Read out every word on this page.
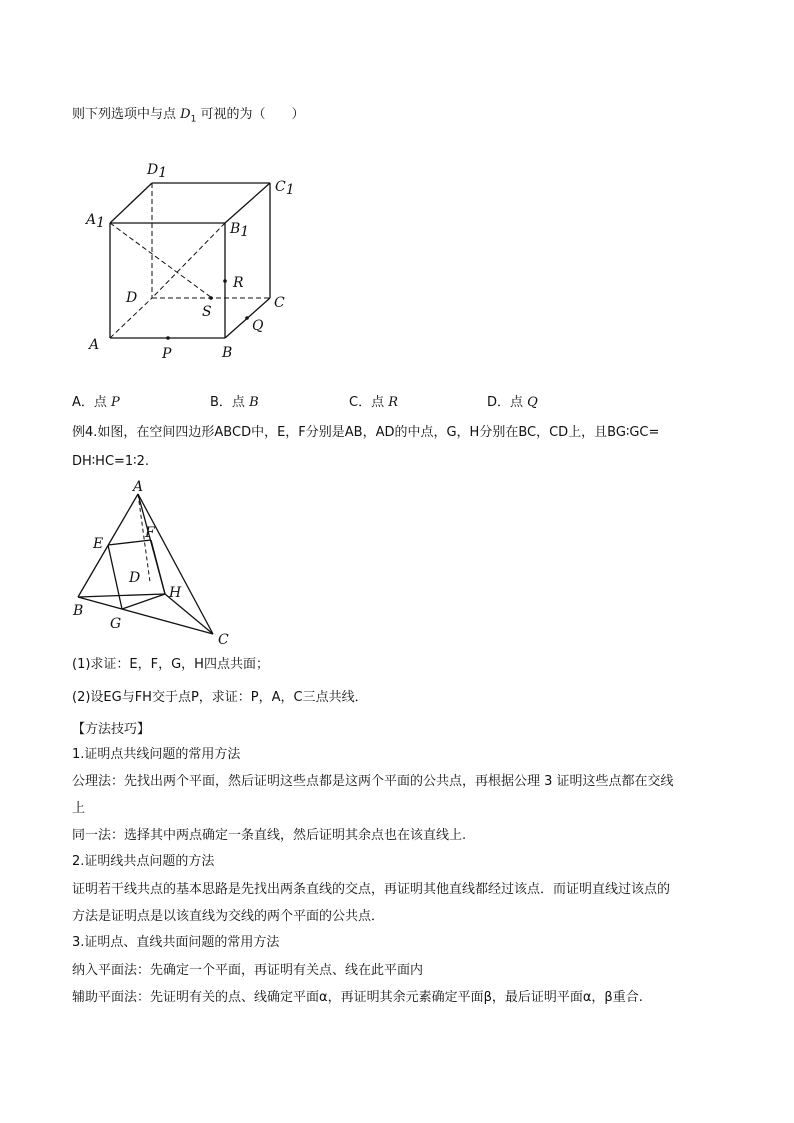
则下列选项中与点 $D_1$ 可视的为（　　）
D1
C1
A1	B1
R
D
S
C
Q
A
P	B
A．点 P	B．点 B	C．点 R	D．点 Q
例4.如图，在空间四边形ABCD中，E，F分别是AB，AD的中点，G，H分别在BC，CD上，且BG∶GC=
DH∶HC=1∶2.
A
E
F
D
H
B
G
C
(1)求证：E，F，G，H四点共面；
(2)设EG与FH交于点P，求证：P，A，C三点共线．
【方法技巧】
1.证明点共线问题的常用方法
公理法：先找出两个平面，然后证明这些点都是这两个平面的公共点，再根据公理 3 证明这些点都在交线
上
同一法：选择其中两点确定一条直线，然后证明其余点也在该直线上.
2.证明线共点问题的方法
证明若干线共点的基本思路是先找出两条直线的交点，再证明其他直线都经过该点．而证明直线过该点的
方法是证明点是以该直线为交线的两个平面的公共点．
3.证明点、直线共面问题的常用方法
纳入平面法：先确定一个平面，再证明有关点、线在此平面内
辅助平面法：先证明有关的点、线确定平面α，再证明其余元素确定平面β，最后证明平面α，β重合.
